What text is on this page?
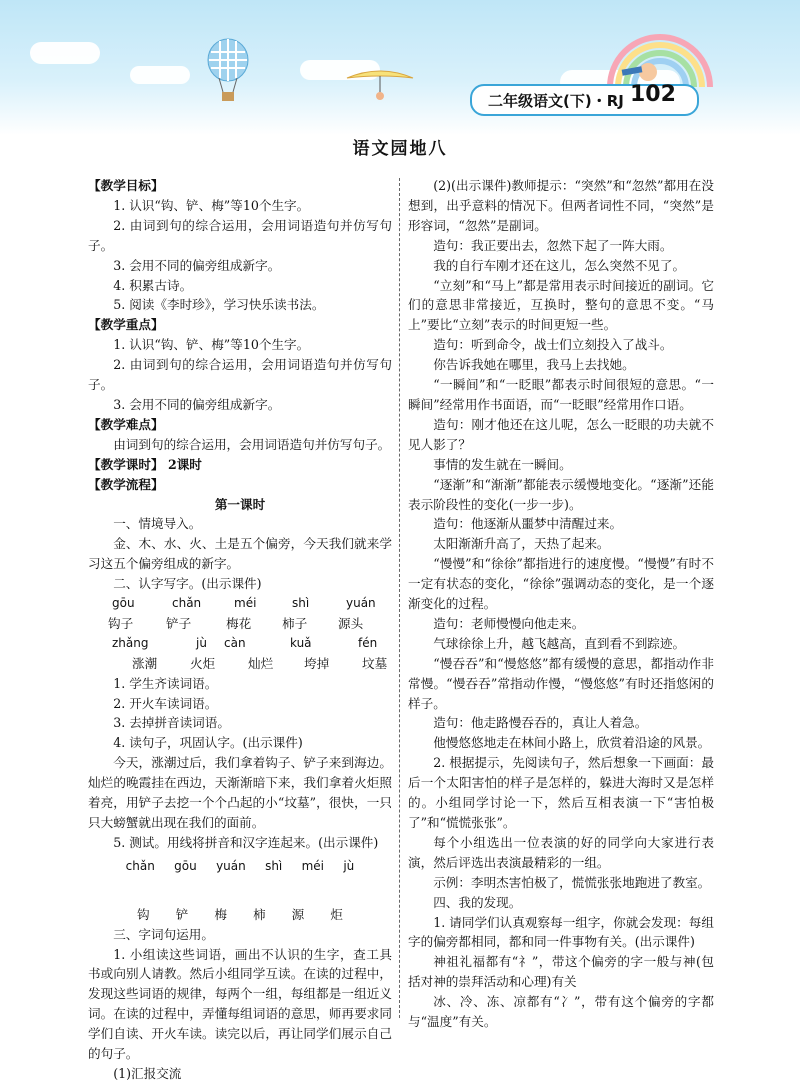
二年级语文(下)・RJ 102
语文园地八

【教学目标】

1. 认识“钩、铲、梅”等10个生字。

2. 由词到句的综合运用，会用词语造句并仿写句子。

3. 会用不同的偏旁组成新字。

4. 积累古诗。

5. 阅读《李时珍》，学习快乐读书法。

【教学重点】

1. 认识“钩、铲、梅”等10个生字。

2. 由词到句的综合运用，会用词语造句并仿写句子。

3. 会用不同的偏旁组成新字。

【教学难点】

由词到句的综合运用，会用词语造句并仿写句子。

【教学课时】 2课时

【教学流程】

第一课时

一、情境导入。

金、木、水、火、土是五个偏旁，今天我们就来学习这五个偏旁组成的新字。

二、认字写字。(出示课件)

gōu	chǎn	méi	shì	yuán
钩子	铲子	梅花	柿子	源头
zhǎng	jù	càn	kuǎ	fén
涨潮	火炬	灿烂	垮掉	坟墓

1. 学生齐读词语。

2. 开火车读词语。

3. 去掉拼音读词语。

4. 读句子，巩固认字。(出示课件)

今天，涨潮过后，我们拿着钩子、铲子来到海边。灿烂的晚霞挂在西边，天渐渐暗下来，我们拿着火炬照着亮，用铲子去挖一个个凸起的小“坟墓”，很快，一只只大螃蟹就出现在我们的面前。

5. 测试。用线将拼音和汉字连起来。(出示课件)

chǎn gōu yuán shì méi jù
钩 铲 梅 柿 源 炬

三、字词句运用。

1. 小组读这些词语，画出不认识的生字，查工具书或向别人请教。然后小组同学互读。在读的过程中，发现这些词语的规律，每两个一组，每组都是一组近义词。在读的过程中，弄懂每组词语的意思，师再要求同学们自读、开火车读。读完以后，再让同学们展示自己的句子。

(1)汇报交流

(2)(出示课件)教师提示：“突然”和“忽然”都用在没想到，出乎意料的情况下。但两者词性不同，“突然”是形容词，“忽然”是副词。

造句：我正要出去，忽然下起了一阵大雨。

我的自行车刚才还在这儿，怎么突然不见了。

“立刻”和“马上”都是常用表示时间接近的副词。它们的意思非常接近，互换时，整句的意思不变。“马上”要比“立刻”表示的时间更短一些。

造句：听到命令，战士们立刻投入了战斗。

你告诉我她在哪里，我马上去找她。

“一瞬间”和“一眨眼”都表示时间很短的意思。“一瞬间”经常用作书面语，而“一眨眼”经常用作口语。

造句：刚才他还在这儿呢，怎么一眨眼的功夫就不见人影了？

事情的发生就在一瞬间。

“逐渐”和“渐渐”都能表示缓慢地变化。“逐渐”还能表示阶段性的变化(一步一步)。

造句：他逐渐从噩梦中清醒过来。

太阳渐渐升高了，天热了起来。

“慢慢”和“徐徐”都指进行的速度慢。“慢慢”有时不一定有状态的变化，“徐徐”强调动态的变化，是一个逐渐变化的过程。

造句：老师慢慢向他走来。

气球徐徐上升，越飞越高，直到看不到踪迹。

“慢吞吞”和“慢悠悠”都有缓慢的意思，都指动作非常慢。“慢吞吞”常指动作慢，“慢悠悠”有时还指悠闲的样子。

造句：他走路慢吞吞的，真让人着急。

他慢悠悠地走在林间小路上，欣赏着沿途的风景。

2. 根据提示，先阅读句子，然后想象一下画面：最后一个太阳害怕的样子是怎样的，躲进大海时又是怎样的。小组同学讨论一下，然后互相表演一下“害怕极了”和“慌慌张张”。

每个小组选出一位表演的好的同学向大家进行表演，然后评选出表演最精彩的一组。

示例：李明杰害怕极了，慌慌张张地跑进了教室。

四、我的发现。

1. 请同学们认真观察每一组字，你就会发现：每组字的偏旁都相同，都和同一件事物有关。(出示课件)

神祖礼福都有“礻”，带这个偏旁的字一般与神(包括对神的崇拜活动和心理)有关

冰、冷、冻、凉都有“冫”，带有这个偏旁的字都与“温度”有关。
